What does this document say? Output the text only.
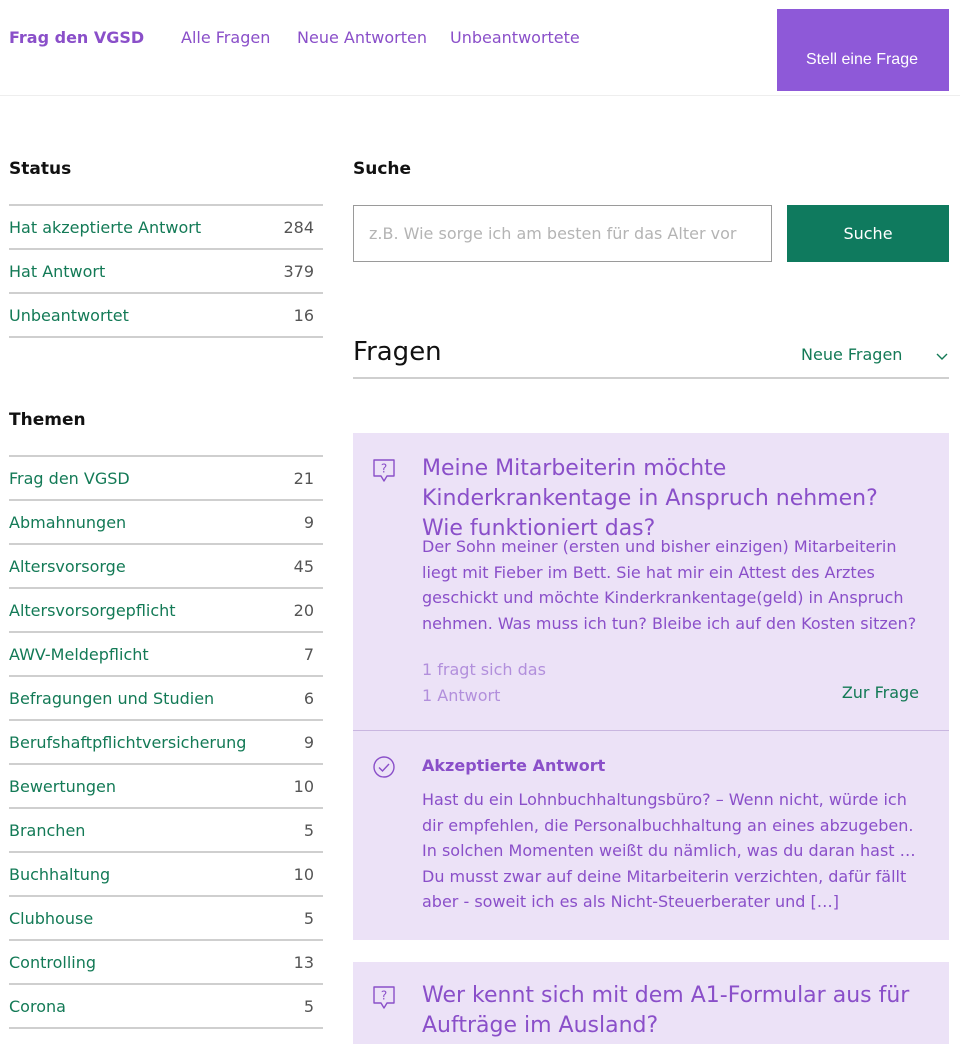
Frag den VGSD Alle Fragen Neue Antworten Unbeantwortete
Stell eine Frage
Status
Hat akzeptierte Antwort	284
Hat Antwort	379
Unbeantwortet	16
Themen
Frag den VGSD	21
Abmahnungen	9
Altersvorsorge	45
Altersvorsorgepflicht	20
AWV-Meldepflicht	7
Befragungen und Studien	6
Berufshaftpflichtversicherung	9
Bewertungen	10
Branchen	5
Buchhaltung	10
Clubhouse	5
Controlling	13
Corona	5
Suche
z.B. Wie sorge ich am besten für das Alter vor
Suche
Fragen	Neue Fragen
? Meine Mitarbeiterin möchte Kinderkrankentage in Anspruch nehmen? Wie funktioniert das?
Der Sohn meiner (ersten und bisher einzigen) Mitarbeiterin liegt mit Fieber im Bett. Sie hat mir ein Attest des Arztes geschickt und möchte Kinderkrankentage(geld) in Anspruch nehmen. Was muss ich tun? Bleibe ich auf den Kosten sitzen?
1 fragt sich das
1 Antwort	Zur Frage
Akzeptierte Antwort
Hast du ein Lohnbuchhaltungsbüro? – Wenn nicht, würde ich dir empfehlen, die Personalbuchhaltung an eines abzugeben. In solchen Momenten weißt du nämlich, was du daran hast … Du musst zwar auf deine Mitarbeiterin verzichten, dafür fällt aber - soweit ich es als Nicht-Steuerberater und […]
? Wer kennt sich mit dem A1-Formular aus für Aufträge im Ausland?
